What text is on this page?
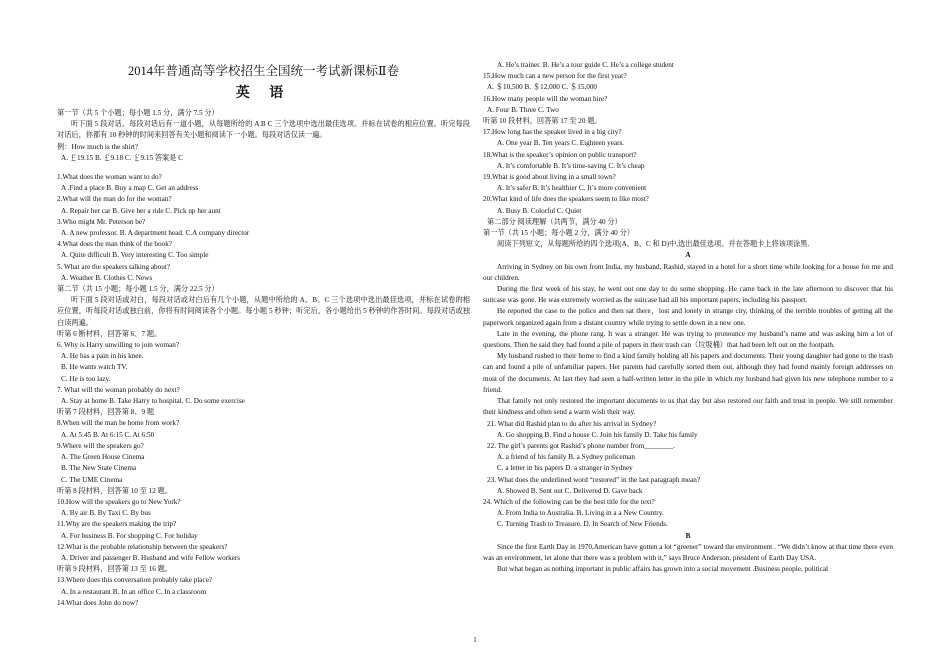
2014年普通高等学校招生全国统一考试新课标Ⅱ卷
英 语
第一节（共 5 个小题；每小题 1.5 分，满分 7.5 分）
听下面 5 段对话。每段对话后有一道小题，从每题所给的 A B C 三个选项中选出最佳选项。并标在试卷的相应位置。听完每段对话后，你都有 10 秒钟的时间来回答有关小题和阅读下一小题。每段对话仅读一遍。
例：How much is the shirt?
A. ￡19.15 B. ￡9.18 C. ￡9.15 答案是 C
1.What does the woman want to do?
A .Find a place B. Buy a map C. Get an address
2.What will the man do for the woman?
A. Repair her car B. Give her a ride C. Pick up her aunt
3.Who might Mr. Peterson be?
A. A new professor. B. A department head. C.A company director
4.What does the man think of the book?
A. Quite difficult B. Very interesting C. Too simple
5. What are the speakers talking about?
A. Weather B. Clothes C. News
第二节（共 15 小题；每小题 1.5 分，满分 22.5 分）
听下面 5 段对话或对白，每段对话或对白后有几个小题，从题中所给的 A、B、C 三个选项中选出最佳选项，并标在试卷的相应位置，听每段对话或独白前，你将有时间阅读各个小题。每小题 5 秒钟；听完后，各小题给出 5 秒钟的作答时间。每段对话或独白读两遍。
听第 6 断材料，回答第 6、7 题。
6. Why is Harry unwilling to join woman?
A. He has a pain in his knee.
B. He wants watch TV.
C. He is too lazy.
7. What will the woman probably do next?
A. Stay at home B. Take Harry to hospital. C. Do some exercise
听第 7 段材料，回答第 8、9 题
8.When will the man be home from work?
A. At 5:45 B. At 6:15 C. At 6:50
9.Where will the speakers go?
A. The Green House Cinema
B. The New State Cinema
C. The UME Cinema
听第 8 段材料，回答第 10 至 12 题。
10.How will the speakers go to New York?
A. By air B. By Taxi C. By bus
11.Why are the speakers making the trip?
A. For business B. For shopping C. For holiday
12.What is the probable relationship between the speakers?
A. Driver and passenger B. Husband and wife Fellow workers
听第 9 段材料，回答第 13 至 16 题。
13.Where does this conversation probably take place?
A. In a restaurant B. In an office C. In a classroom
14.What does John do now?
A. He’s trainer. B. He’s a tour guide C. He’s a college student
15.How much can a new person for the first year?
A. ＄10,500 B. ＄12,000 C. ＄15,000
16.How many people will the woman hire?
A. Four B. Three C. Two
听第 10 段材料，回答第 17 至 20 题。
17.How long has the speaker lived in a big city?
A. One year B. Ten years C. Eighteen years.
18.What is the speaker’s opinion on public transport?
A. It’s comfortable B. It’s time-saving C. It’s cheap
19.What is good about living in a small town?
A. It’s safer B. It’s healthier C. It’s more convenient
20.What kind of life does the speakers seem to like most?
A. Busy B. Colorful C. Quiet
第二部分 阅读理解（共两节，满分 40 分）
第一节（共 15 小题；每小题 2 分，满分 40 分）
阅读下列短文，从每题所给的四个选项(A、B、C 和 D)中,选出最佳选项。并在答题卡上将该项涂黑.
A
Arriving in Sydney on his own from India, my husband, Rashid, stayed in a hotel for a short time while looking for a house for me and our children.
During the first week of his stay, he went out one day to do some shopping. He came back in the late afternoon to discover that his suitcase was gone. He was extremely worried as the suitcase had all his important papers, including his passport.
He reported the case to the police and then sat there，lost and lonely in strange city, thinking of the terrible troubles of getting all the paperwork organized again from a distant country while trying to settle down in a new one.
Late in the evening, the phone rang. It was a stranger. He was trying to pronounce my husband’s name and was asking him a lot of questions. Then he said they had found a pile of papers in their trash can（垃圾桶）that had been left out on the footpath.
My husband rushed to their home to find a kind family holding all his papers and documents. Their young daughter had gone to the trash can and found a pile of unfamiliar papers. Her parents had carefully sorted them out, although they had found mainly foreign addresses on most of the documents. At last they had seen a half-written letter in the pile in which my husband had given his new telephone number to a friend.
That family not only restored the important documents to us that day but also restored our faith and trust in people. We still remember their kindness and often send a warm wish their way.
21. What did Rashid plan to do after his arrival in Sydney?
A. Go shopping B. Find a house C. Join his family D. Take his family
22. The girl’s parents got Rashid’s phone number from________.
A. a friend of his family B. a Sydney policeman
C. a letter in his papers D. a stranger in Sydney
23. What does the underlined word “restored” in the last paragraph mean?
A. Showed B. Sent out C. Delivered D. Gave back
24. Which of the following can be the best title for the text?
A. From India to Australia. B. Living in a a New Country.
C. Turning Trash to Treasure. D. In Search of New Friends.
B
Since the first Earth Day in 1970,American have gotten a lot “greener” toward the environment . “We didn’t know at that time there even was an environment, let alone that there was a problem with it,” says Bruce Anderson, president of Earth Day USA.
But what began as nothing important in public affairs has grown into a social movement .Business people, political
1
